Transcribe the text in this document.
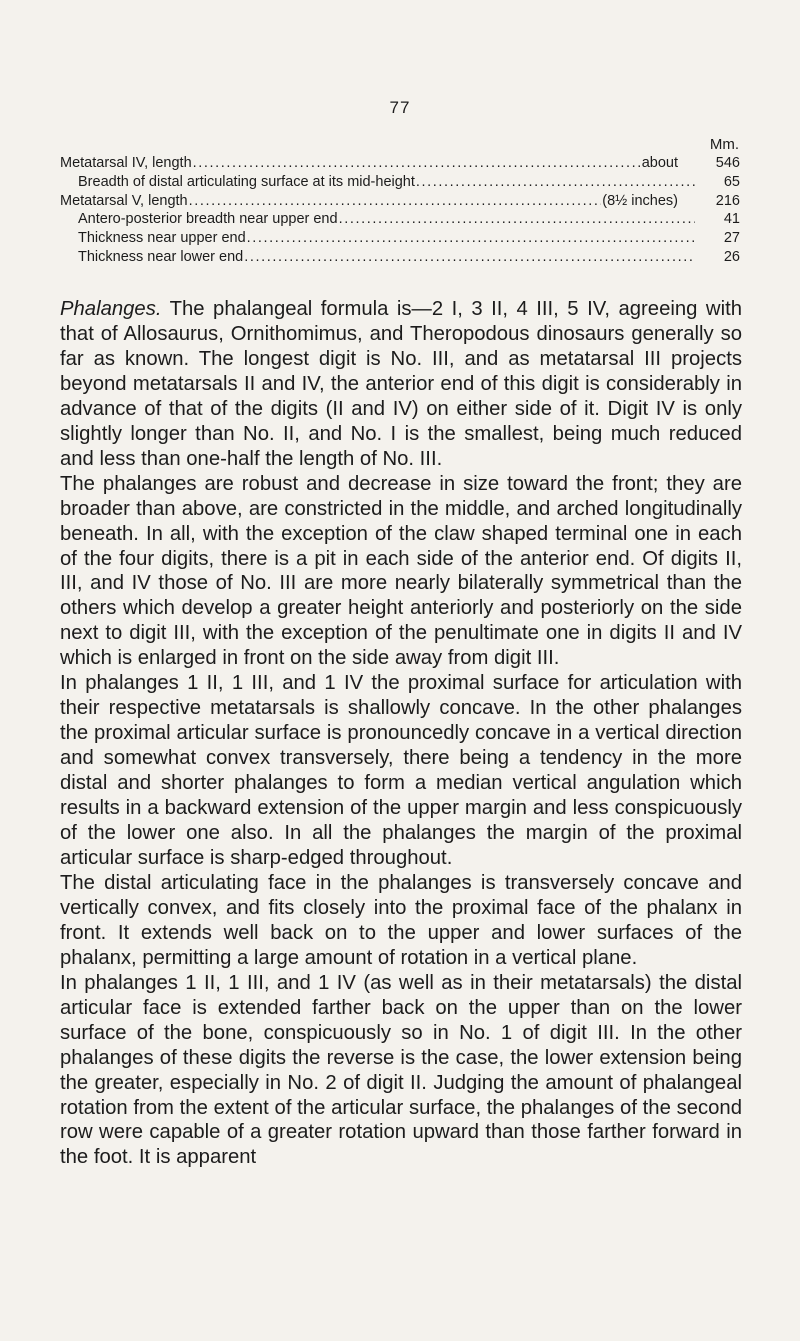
77
Mm.
Metatarsal IV, length .....	about	546
Breadth of distal articulating surface at its mid-height .....	65
Metatarsal V, length .....	(8½ inches)	216
Antero-posterior breadth near upper end .....	41
Thickness near upper end .....	27
Thickness near lower end .....	26

Phalanges. The phalangeal formula is—2 I, 3 II, 4 III, 5 IV, agreeing with that of Allosaurus, Ornithomimus, and Theropodous dinosaurs generally so far as known. The longest digit is No. III, and as metatarsal III projects beyond metatarsals II and IV, the anterior end of this digit is considerably in advance of that of the digits (II and IV) on either side of it. Digit IV is only slightly longer than No. II, and No. I is the smallest, being much reduced and less than one-half the length of No. III.

The phalanges are robust and decrease in size toward the front; they are broader than above, are constricted in the middle, and arched longitudinally beneath. In all, with the exception of the claw shaped terminal one in each of the four digits, there is a pit in each side of the anterior end. Of digits II, III, and IV those of No. III are more nearly bilaterally symmetrical than the others which develop a greater height anteriorly and posteriorly on the side next to digit III, with the exception of the penultimate one in digits II and IV which is enlarged in front on the side away from digit III.

In phalanges 1 II, 1 III, and 1 IV the proximal surface for articulation with their respective metatarsals is shallowly concave. In the other phalanges the proximal articular surface is pronouncedly concave in a vertical direction and somewhat convex transversely, there being a tendency in the more distal and shorter phalanges to form a median vertical angulation which results in a backward extension of the upper margin and less conspicuously of the lower one also. In all the phalanges the margin of the proximal articular surface is sharp-edged throughout.

The distal articulating face in the phalanges is transversely concave and vertically convex, and fits closely into the proximal face of the phalanx in front. It extends well back on to the upper and lower surfaces of the phalanx, permitting a large amount of rotation in a vertical plane.

In phalanges 1 II, 1 III, and 1 IV (as well as in their metatarsals) the distal articular face is extended farther back on the upper than on the lower surface of the bone, conspicuously so in No. 1 of digit III. In the other phalanges of these digits the reverse is the case, the lower extension being the greater, especially in No. 2 of digit II. Judging the amount of phalangeal rotation from the extent of the articular surface, the phalanges of the second row were capable of a greater rotation upward than those farther forward in the foot. It is apparent
